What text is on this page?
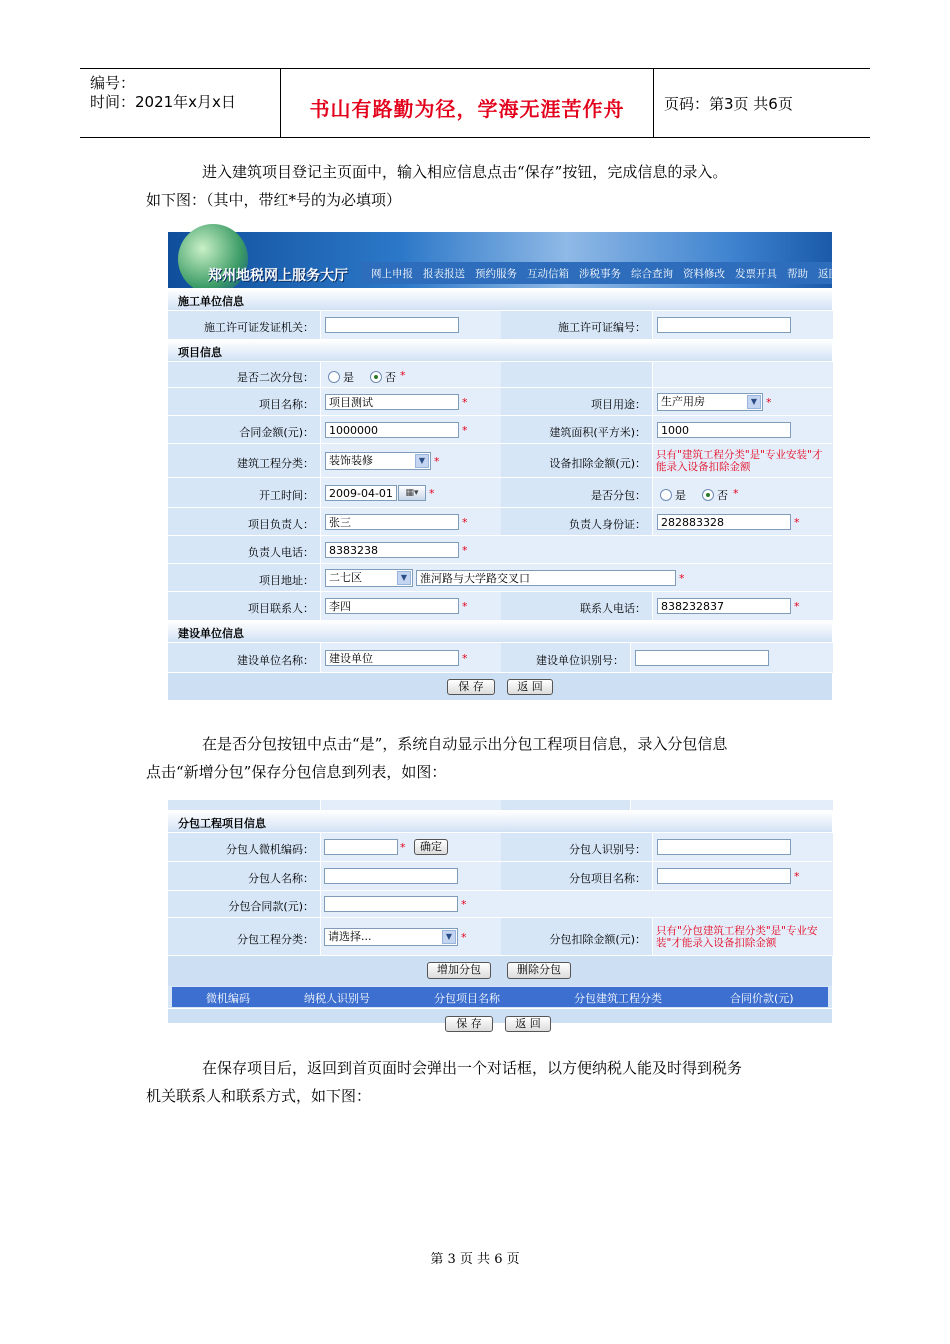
编号：
时间：2021年x月x日	书山有路勤为径，学海无涯苦作舟	页码：第3页 共6页
进入建筑项目登记主页面中，输入相应信息点击“保存”按钮，完成信息的录入。
如下图：（其中，带红*号的为必填项）
郑州地税网上服务大厅 网上申报 报表报送 预约服务 互动信箱 涉税事务 综合查询 资料修改 发票开具 帮助 返回
施工单位信息
施工许可证发证机关：	施工许可证编号：
项目信息
是否二次分包：	是	否 *
项目名称：	项目测试	*	项目用途：	生产用房	▼ *
合同金额(元)：	1000000	*	建筑面积(平方米)：	1000
建筑工程分类：	装饰装修	▼ *	设备扣除金额(元)：
只有"建筑工程分类"是"专业安装"才能录入设备扣除金额
开工时间：	2009-04-01	▦▾ *	是否分包：	是	否 *
项目负责人：	张三	*	负责人身份证：	282883328	*
负责人电话：	8383238	*
项目地址：	二七区	▼	淮河路与大学路交叉口	*
项目联系人：	李四	*	联系人电话：	838232837	*
建设单位信息
建设单位名称：	建设单位	*	建设单位识别号：
保 存	返 回
在是否分包按钮中点击“是”，系统自动显示出分包工程项目信息，录入分包信息
点击“新增分包”保存分包信息到列表，如图：
分包工程项目信息
分包人微机编码：	*	确定	分包人识别号：
分包人名称：	分包项目名称：	*
分包合同款(元)：	*
分包工程分类：	请选择...	▼ *	分包扣除金额(元)：
只有"分包建筑工程分类"是"专业安装"才能录入设备扣除金额
增加分包	删除分包
微机编码	纳税人识别号	分包项目名称	分包建筑工程分类	合同价款(元)
保 存	返 回
在保存项目后，返回到首页面时会弹出一个对话框，以方便纳税人能及时得到税务
机关联系人和联系方式，如下图：
第 3 页 共 6 页
